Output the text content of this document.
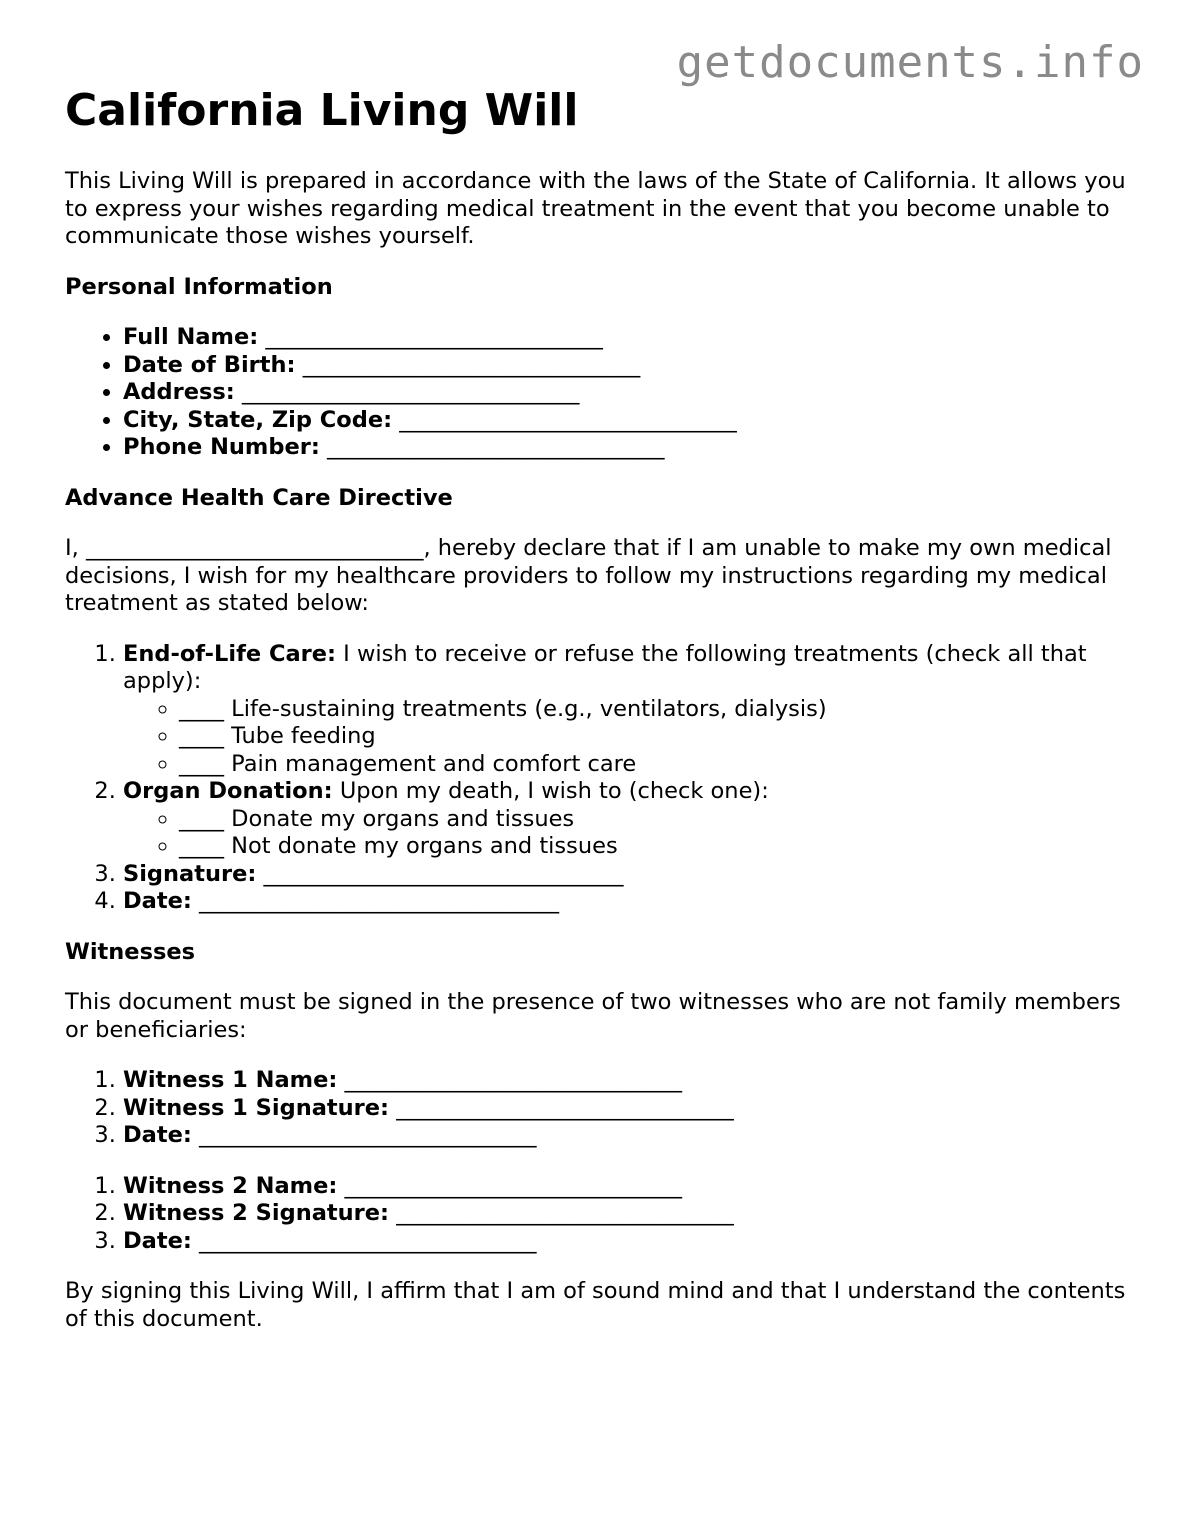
getdocuments.info
California Living Will

This Living Will is prepared in accordance with the laws of the State of California. It allows you to express your wishes regarding medical treatment in the event that you become unable to communicate those wishes yourself.

Personal Information
• Full Name: ______________________________
• Date of Birth: ______________________________
• Address: ______________________________
• City, State, Zip Code: ______________________________
• Phone Number: ______________________________
Advance Health Care Directive

I, ______________________________, hereby declare that if I am unable to make my own medical decisions, I wish for my healthcare providers to follow my instructions regarding my medical treatment as stated below:

1. End-of-Life Care: I wish to receive or refuse the following treatments (check all that apply):
◦ ____ Life-sustaining treatments (e.g., ventilators, dialysis)
◦ ____ Tube feeding
◦ ____ Pain management and comfort care
2. Organ Donation: Upon my death, I wish to (check one):
◦ ____ Donate my organs and tissues
◦ ____ Not donate my organs and tissues
3. Signature: ________________________________
4. Date: ________________________________
Witnesses

This document must be signed in the presence of two witnesses who are not family members or beneficiaries:

1. Witness 1 Name: ______________________________
2. Witness 1 Signature: ______________________________
3. Date: ______________________________
1. Witness 2 Name: ______________________________
2. Witness 2 Signature: ______________________________
3. Date: ______________________________

By signing this Living Will, I affirm that I am of sound mind and that I understand the contents of this document.
